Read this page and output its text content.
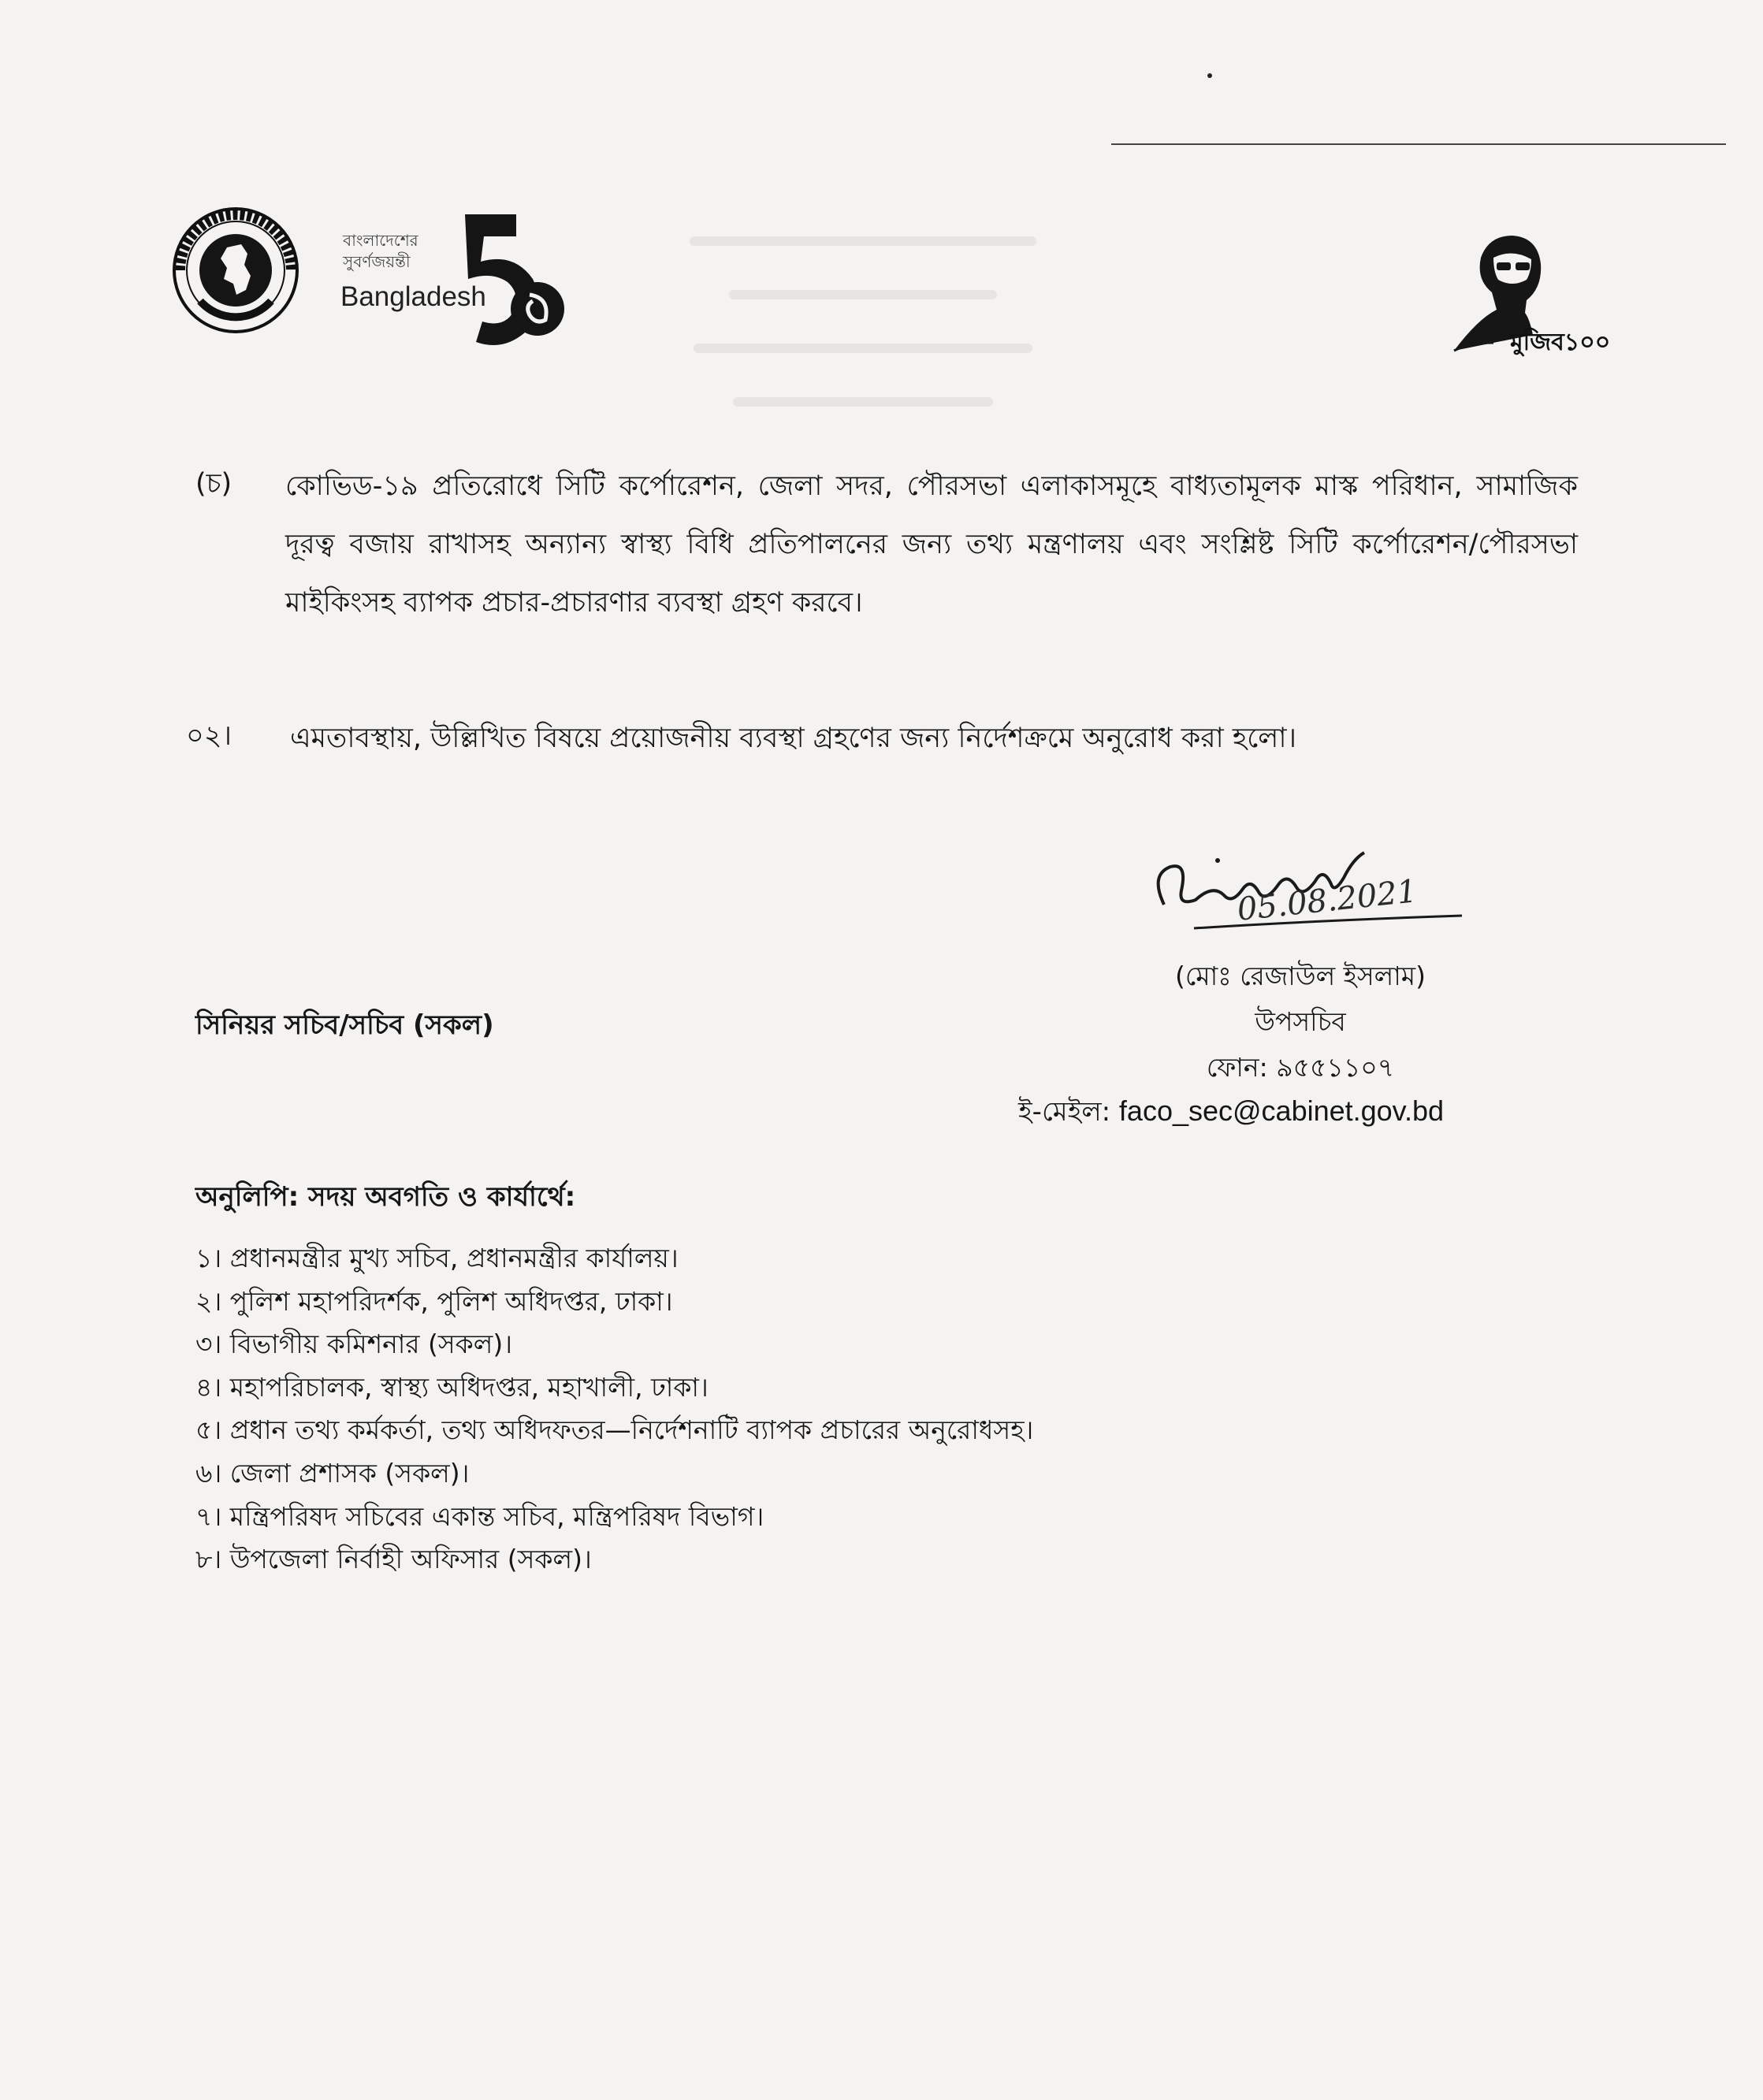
বাংলাদেশের
সুবর্ণজয়ন্তী
Bangladesh
মুজিব১০০
(চ) কোভিড-১৯ প্রতিরোধে সিটি কর্পোরেশন, জেলা সদর, পৌরসভা এলাকাসমূহে বাধ্যতামূলক মাস্ক পরিধান, সামাজিক দূরত্ব বজায় রাখাসহ অন্যান্য স্বাস্থ্য বিধি প্রতিপালনের জন্য তথ্য মন্ত্রণালয় এবং সংশ্লিষ্ট সিটি কর্পোরেশন/পৌরসভা মাইকিংসহ ব্যাপক প্রচার-প্রচারণার ব্যবস্থা গ্রহণ করবে।
০২। এমতাবস্থায়, উল্লিখিত বিষয়ে প্রয়োজনীয় ব্যবস্থা গ্রহণের জন্য নির্দেশক্রমে অনুরোধ করা হলো।
05.08.2021
(মোঃ রেজাউল ইসলাম)
উপসচিব
ফোন: ৯৫৫১১০৭
ই-মেইল: faco_sec@cabinet.gov.bd
সিনিয়র সচিব/সচিব (সকল)
অনুলিপি: সদয় অবগতি ও কার্যার্থে:
১। প্রধানমন্ত্রীর মুখ্য সচিব, প্রধানমন্ত্রীর কার্যালয়।
২। পুলিশ মহাপরিদর্শক, পুলিশ অধিদপ্তর, ঢাকা।
৩। বিভাগীয় কমিশনার (সকল)।
৪। মহাপরিচালক, স্বাস্থ্য অধিদপ্তর, মহাখালী, ঢাকা।
৫। প্রধান তথ্য কর্মকর্তা, তথ্য অধিদফতর—নির্দেশনাটি ব্যাপক প্রচারের অনুরোধসহ।
৬। জেলা প্রশাসক (সকল)।
৭। মন্ত্রিপরিষদ সচিবের একান্ত সচিব, মন্ত্রিপরিষদ বিভাগ।
৮। উপজেলা নির্বাহী অফিসার (সকল)।
